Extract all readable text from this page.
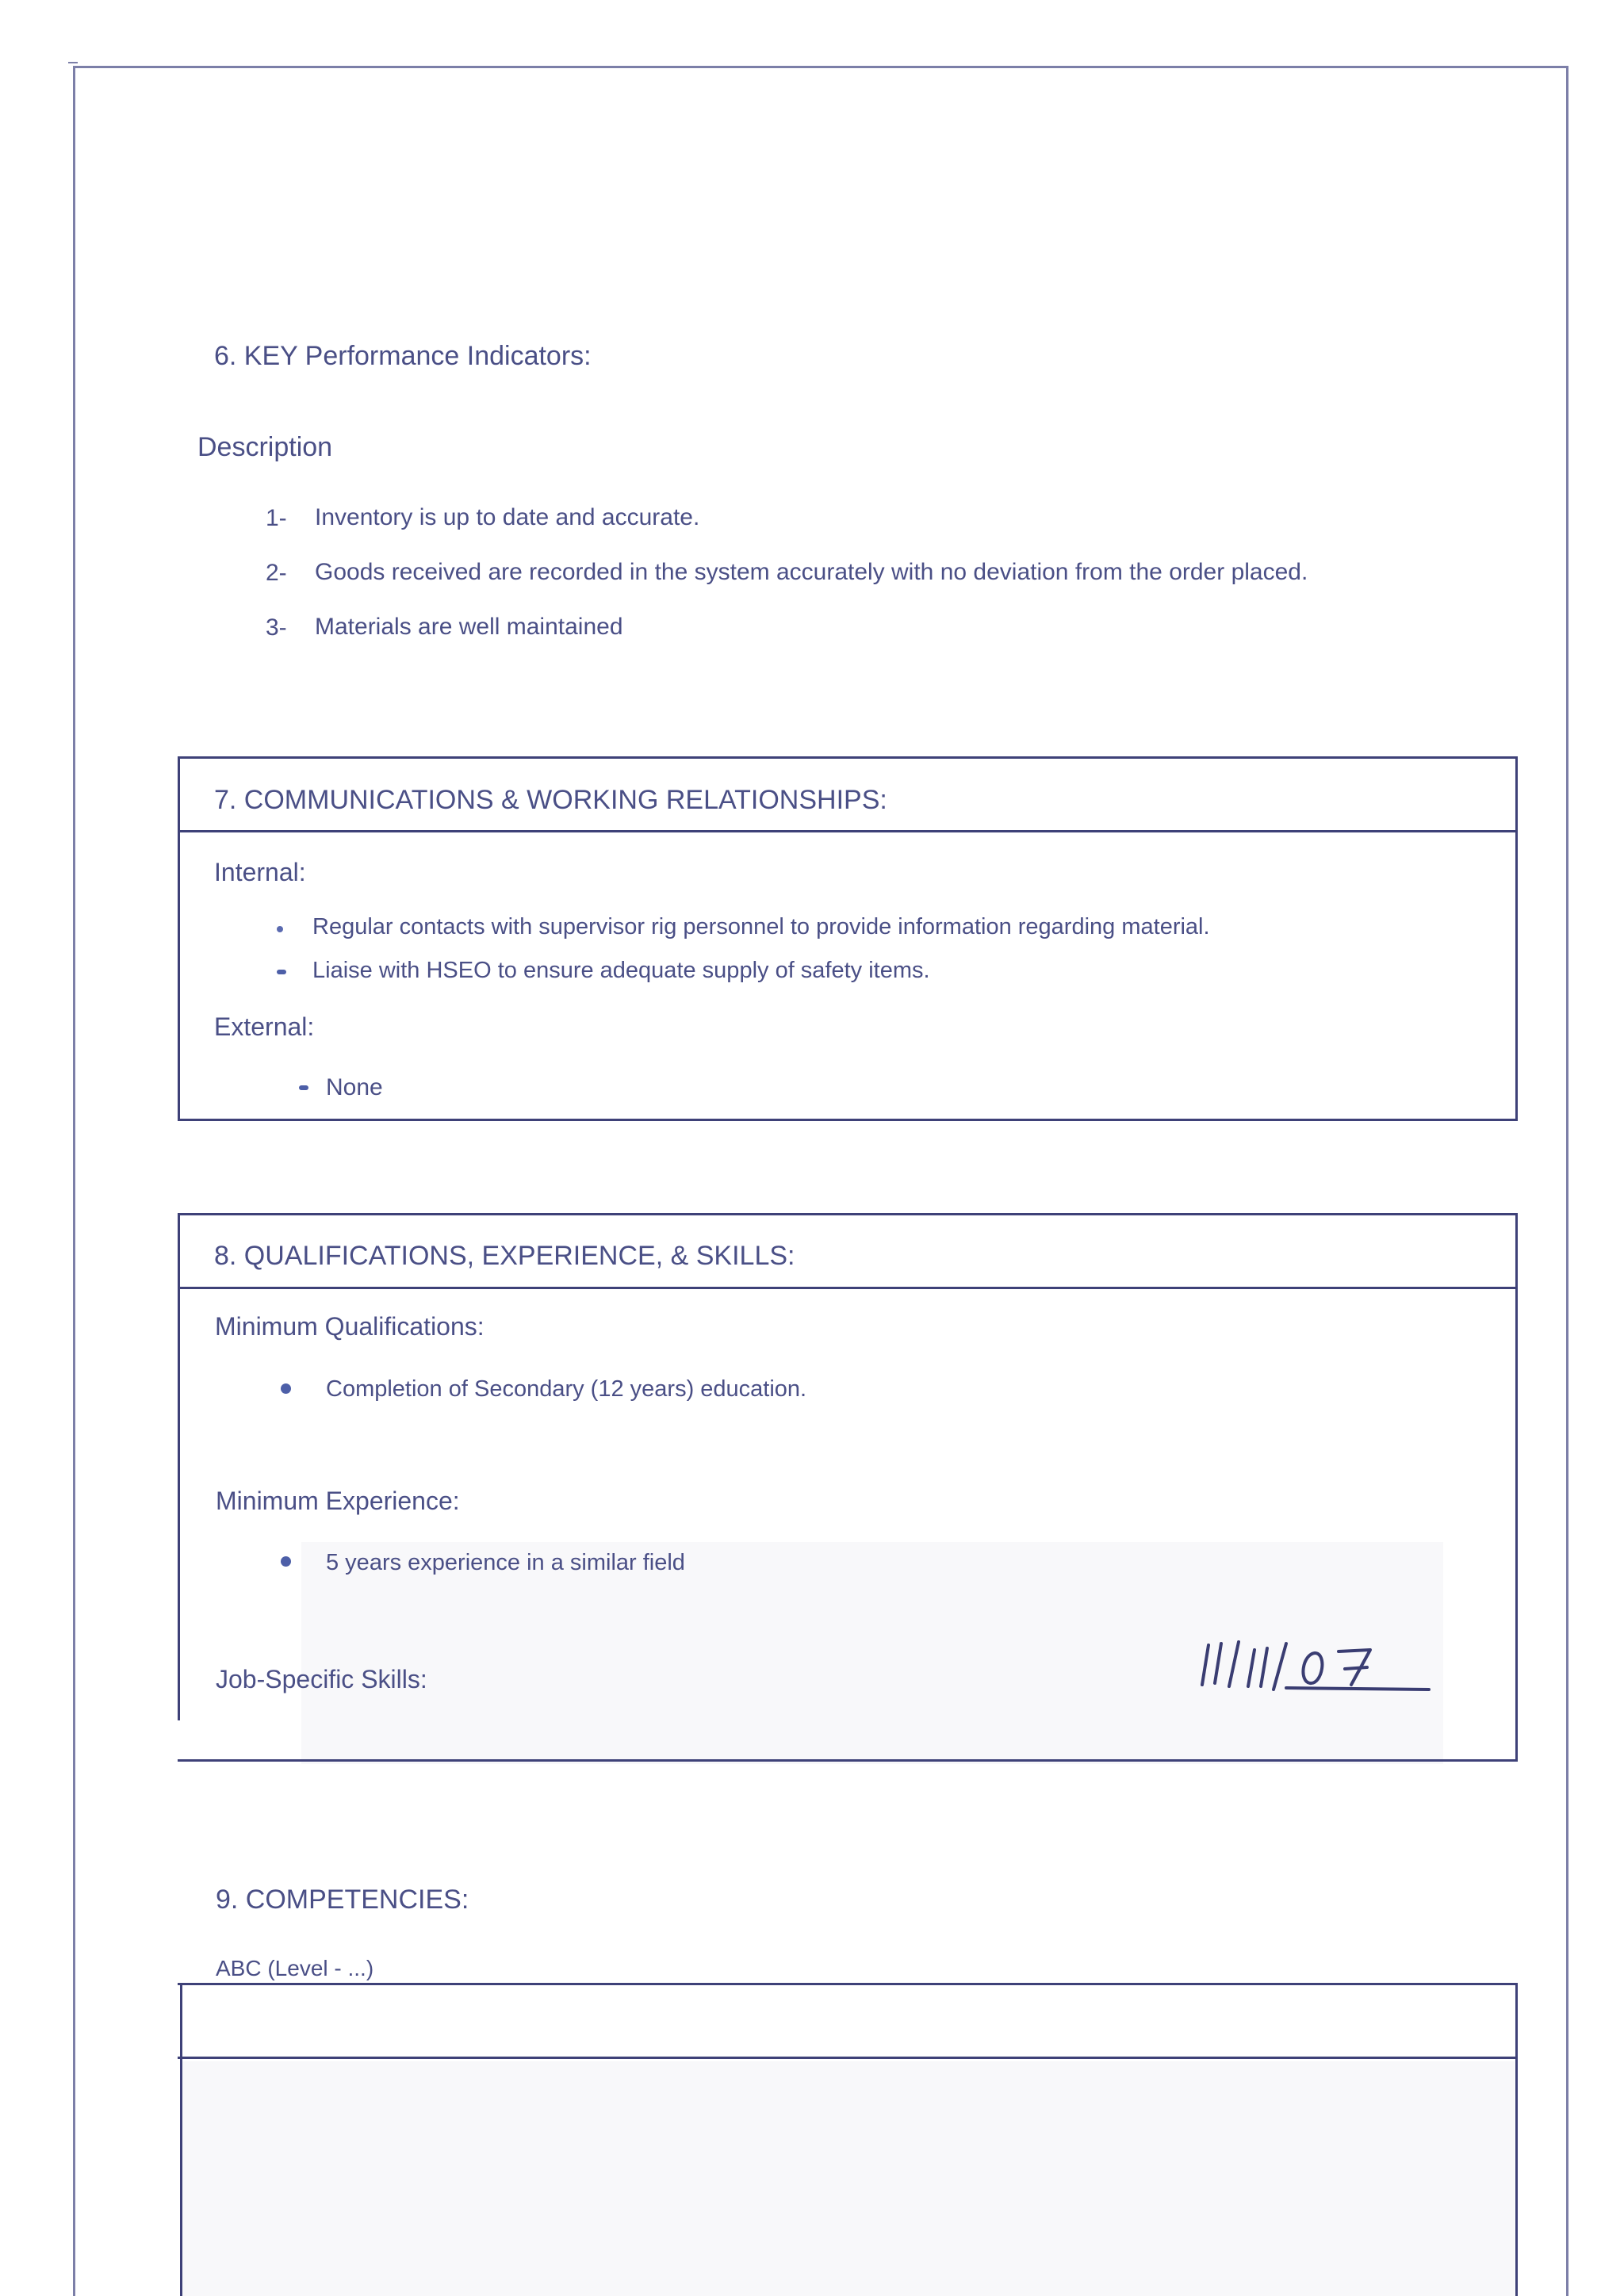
6. KEY Performance Indicators:
Description
1- Inventory is up to date and accurate.
2- Goods received are recorded in the system accurately with no deviation from the order placed.
3- Materials are well maintained
7. COMMUNICATIONS & WORKING RELATIONSHIPS:
Internal:
Regular contacts with supervisor rig personnel to provide information regarding material.
Liaise with HSEO to ensure adequate supply of safety items.
External:
None
8. QUALIFICATIONS, EXPERIENCE, & SKILLS:
Minimum Qualifications:
Completion of Secondary (12 years) education.
Minimum Experience:
5 years experience in a similar field
Job-Specific Skills:
9. COMPETENCIES:
ABC (Level - ...)
